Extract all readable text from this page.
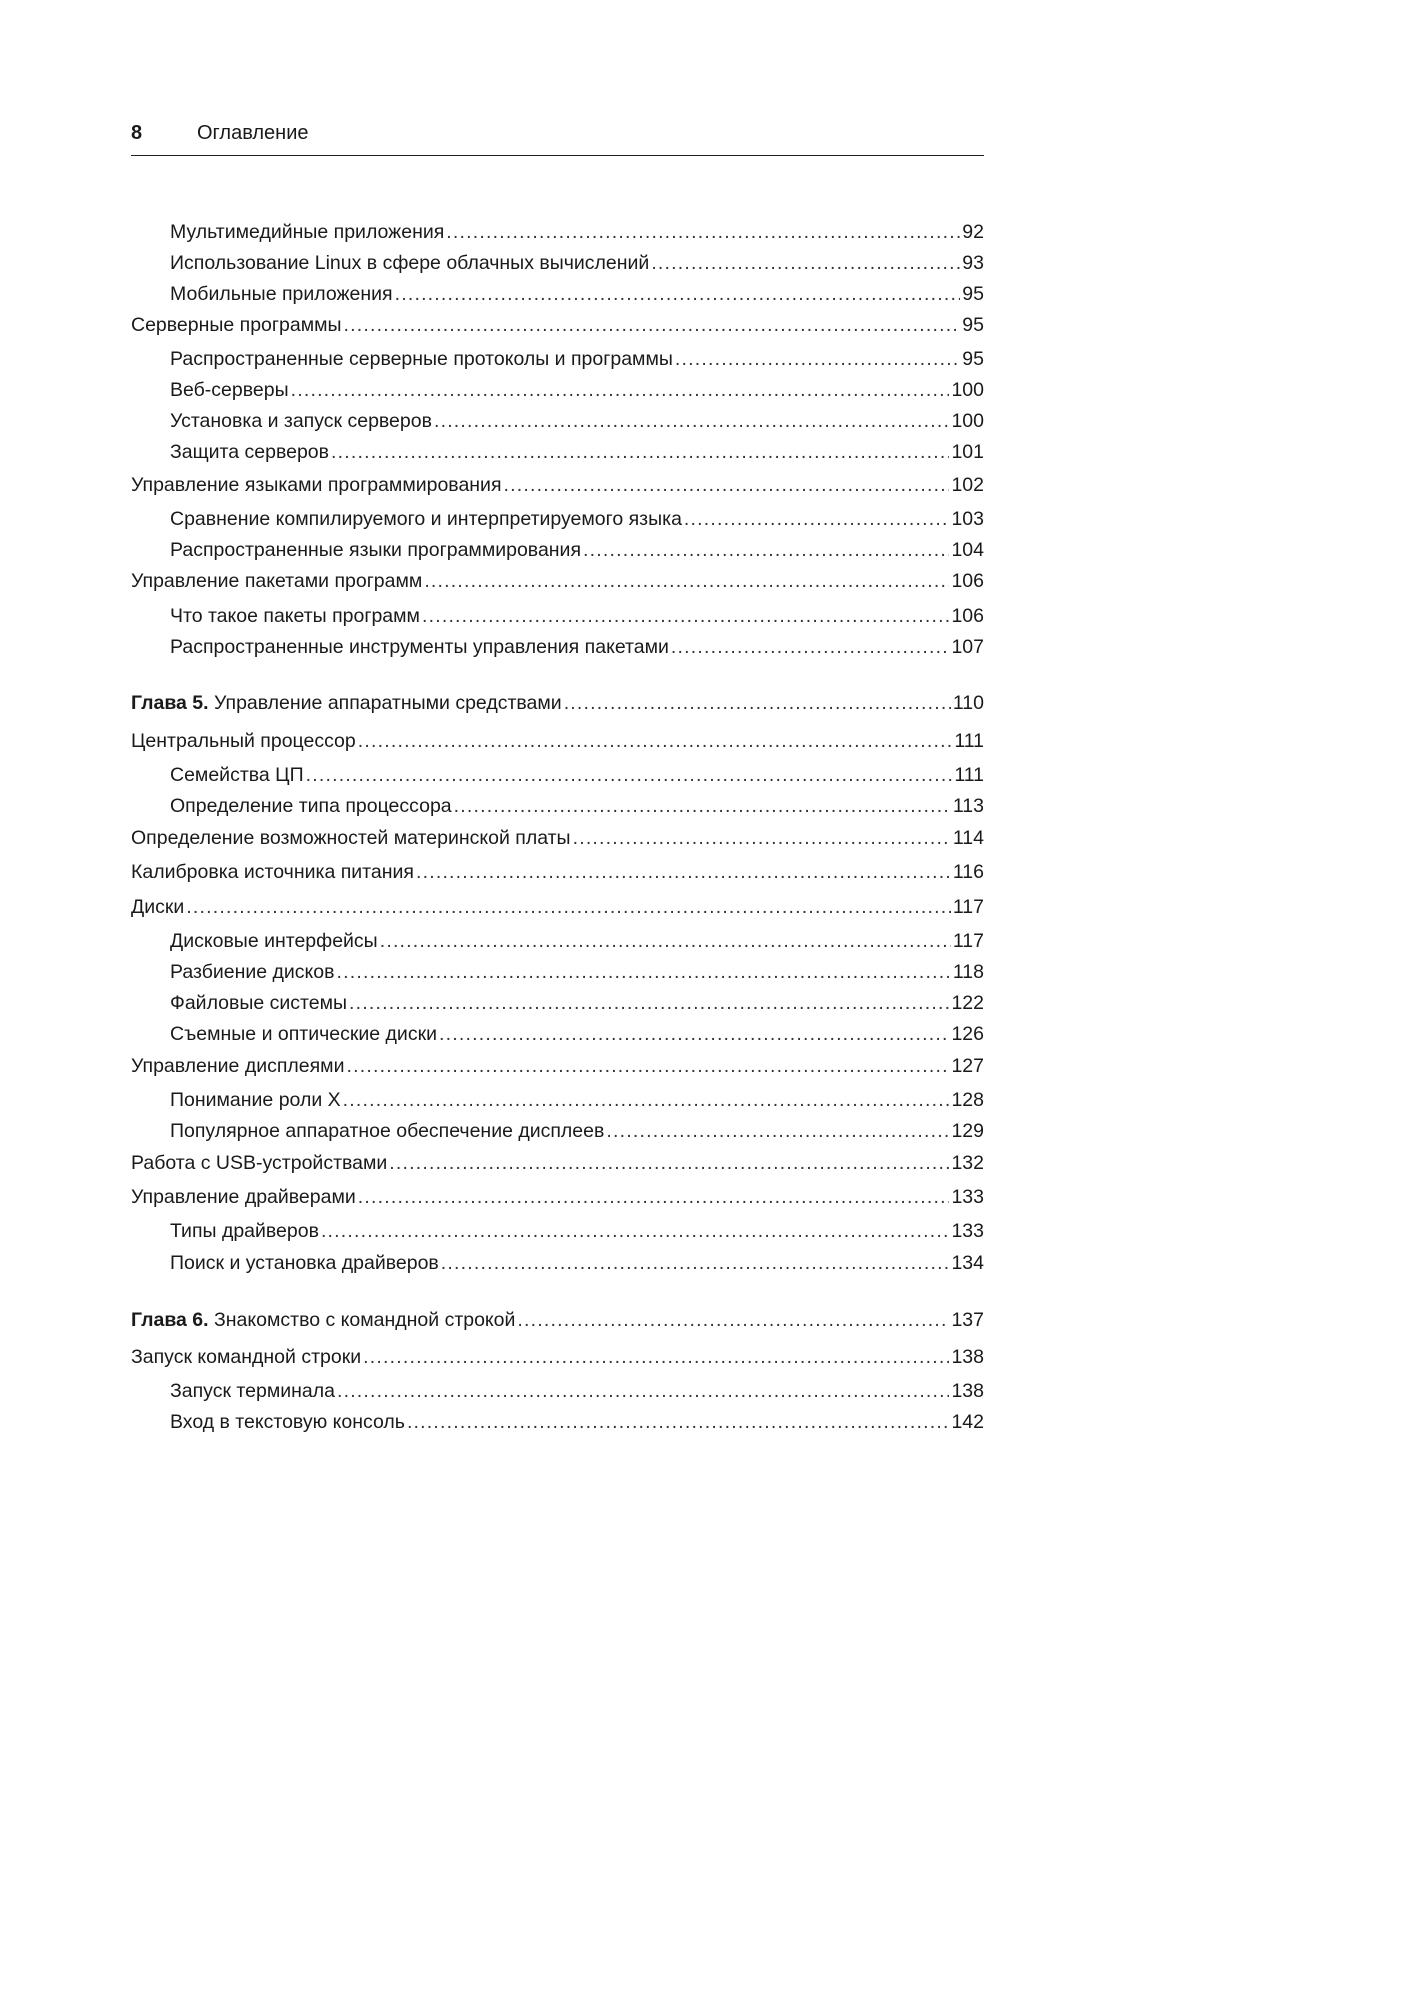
8	Оглавление
Мультимедийные приложения .....	92
Использование Linux в сфере облачных вычислений .....	93
Мобильные приложения .....	95
Серверные программы .....	95
Распространенные серверные протоколы и программы .....	95
Веб-серверы .....	100
Установка и запуск серверов .....	100
Защита серверов .....	101
Управление языками программирования .....	102
Сравнение компилируемого и интерпретируемого языка .....	103
Распространенные языки программирования .....	104
Управление пакетами программ .....	106
Что такое пакеты программ .....	106
Распространенные инструменты управления пакетами .....	107
Глава 5. Управление аппаратными средствами .....	110
Центральный процессор .....	111
Семейства ЦП .....	111
Определение типа процессора .....	113
Определение возможностей материнской платы .....	114
Калибровка источника питания .....	116
Диски .....	117
Дисковые интерфейсы .....	117
Разбиение дисков .....	118
Файловые системы .....	122
Съемные и оптические диски .....	126
Управление дисплеями .....	127
Понимание роли X .....	128
Популярное аппаратное обеспечение дисплеев .....	129
Работа с USB-устройствами .....	132
Управление драйверами .....	133
Типы драйверов .....	133
Поиск и установка драйверов .....	134
Глава 6. Знакомство с командной строкой .....	137
Запуск командной строки .....	138
Запуск терминала .....	138
Вход в текстовую консоль .....	142
